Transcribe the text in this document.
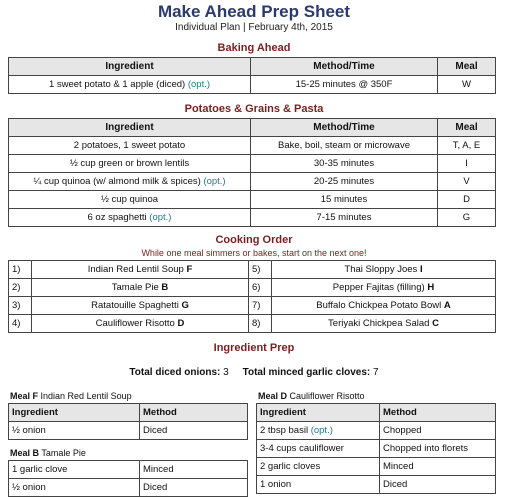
Make Ahead Prep Sheet
Individual Plan | February 4th, 2015
Baking Ahead
Ingredient	Method/Time	Meal
1 sweet potato & 1 apple (diced) (opt.)	15-25 minutes @ 350F	W
Potatoes & Grains & Pasta
Ingredient	Method/Time	Meal
2 potatoes, 1 sweet potato	Bake, boil, steam or microwave	T, A, E
½ cup green or brown lentils	30-35 minutes	I
¼ cup quinoa (w/ almond milk & spices) (opt.)	20-25 minutes	V
½ cup quinoa	15 minutes	D
6 oz spaghetti (opt.)	7-15 minutes	G
Cooking Order
While one meal simmers or bakes, start on the next one!
1)	Indian Red Lentil Soup F	5)	Thai Sloppy Joes I
2)	Tamale Pie B	6)	Pepper Fajitas (filling) H
3)	Ratatouille Spaghetti G	7)	Buffalo Chickpea Potato Bowl A
4)	Cauliflower Risotto D	8)	Teriyaki Chickpea Salad C
Ingredient Prep
Total diced onions: 3 Total minced garlic cloves: 7
Meal F Indian Red Lentil Soup
Ingredient	Method
½ onion	Diced
Meal B Tamale Pie
1 garlic clove	Minced
½ onion	Diced
Meal D Cauliflower Risotto
Ingredient	Method
2 tbsp basil (opt.)	Chopped
3-4 cups cauliflower	Chopped into florets
2 garlic cloves	Minced
1 onion	Diced
